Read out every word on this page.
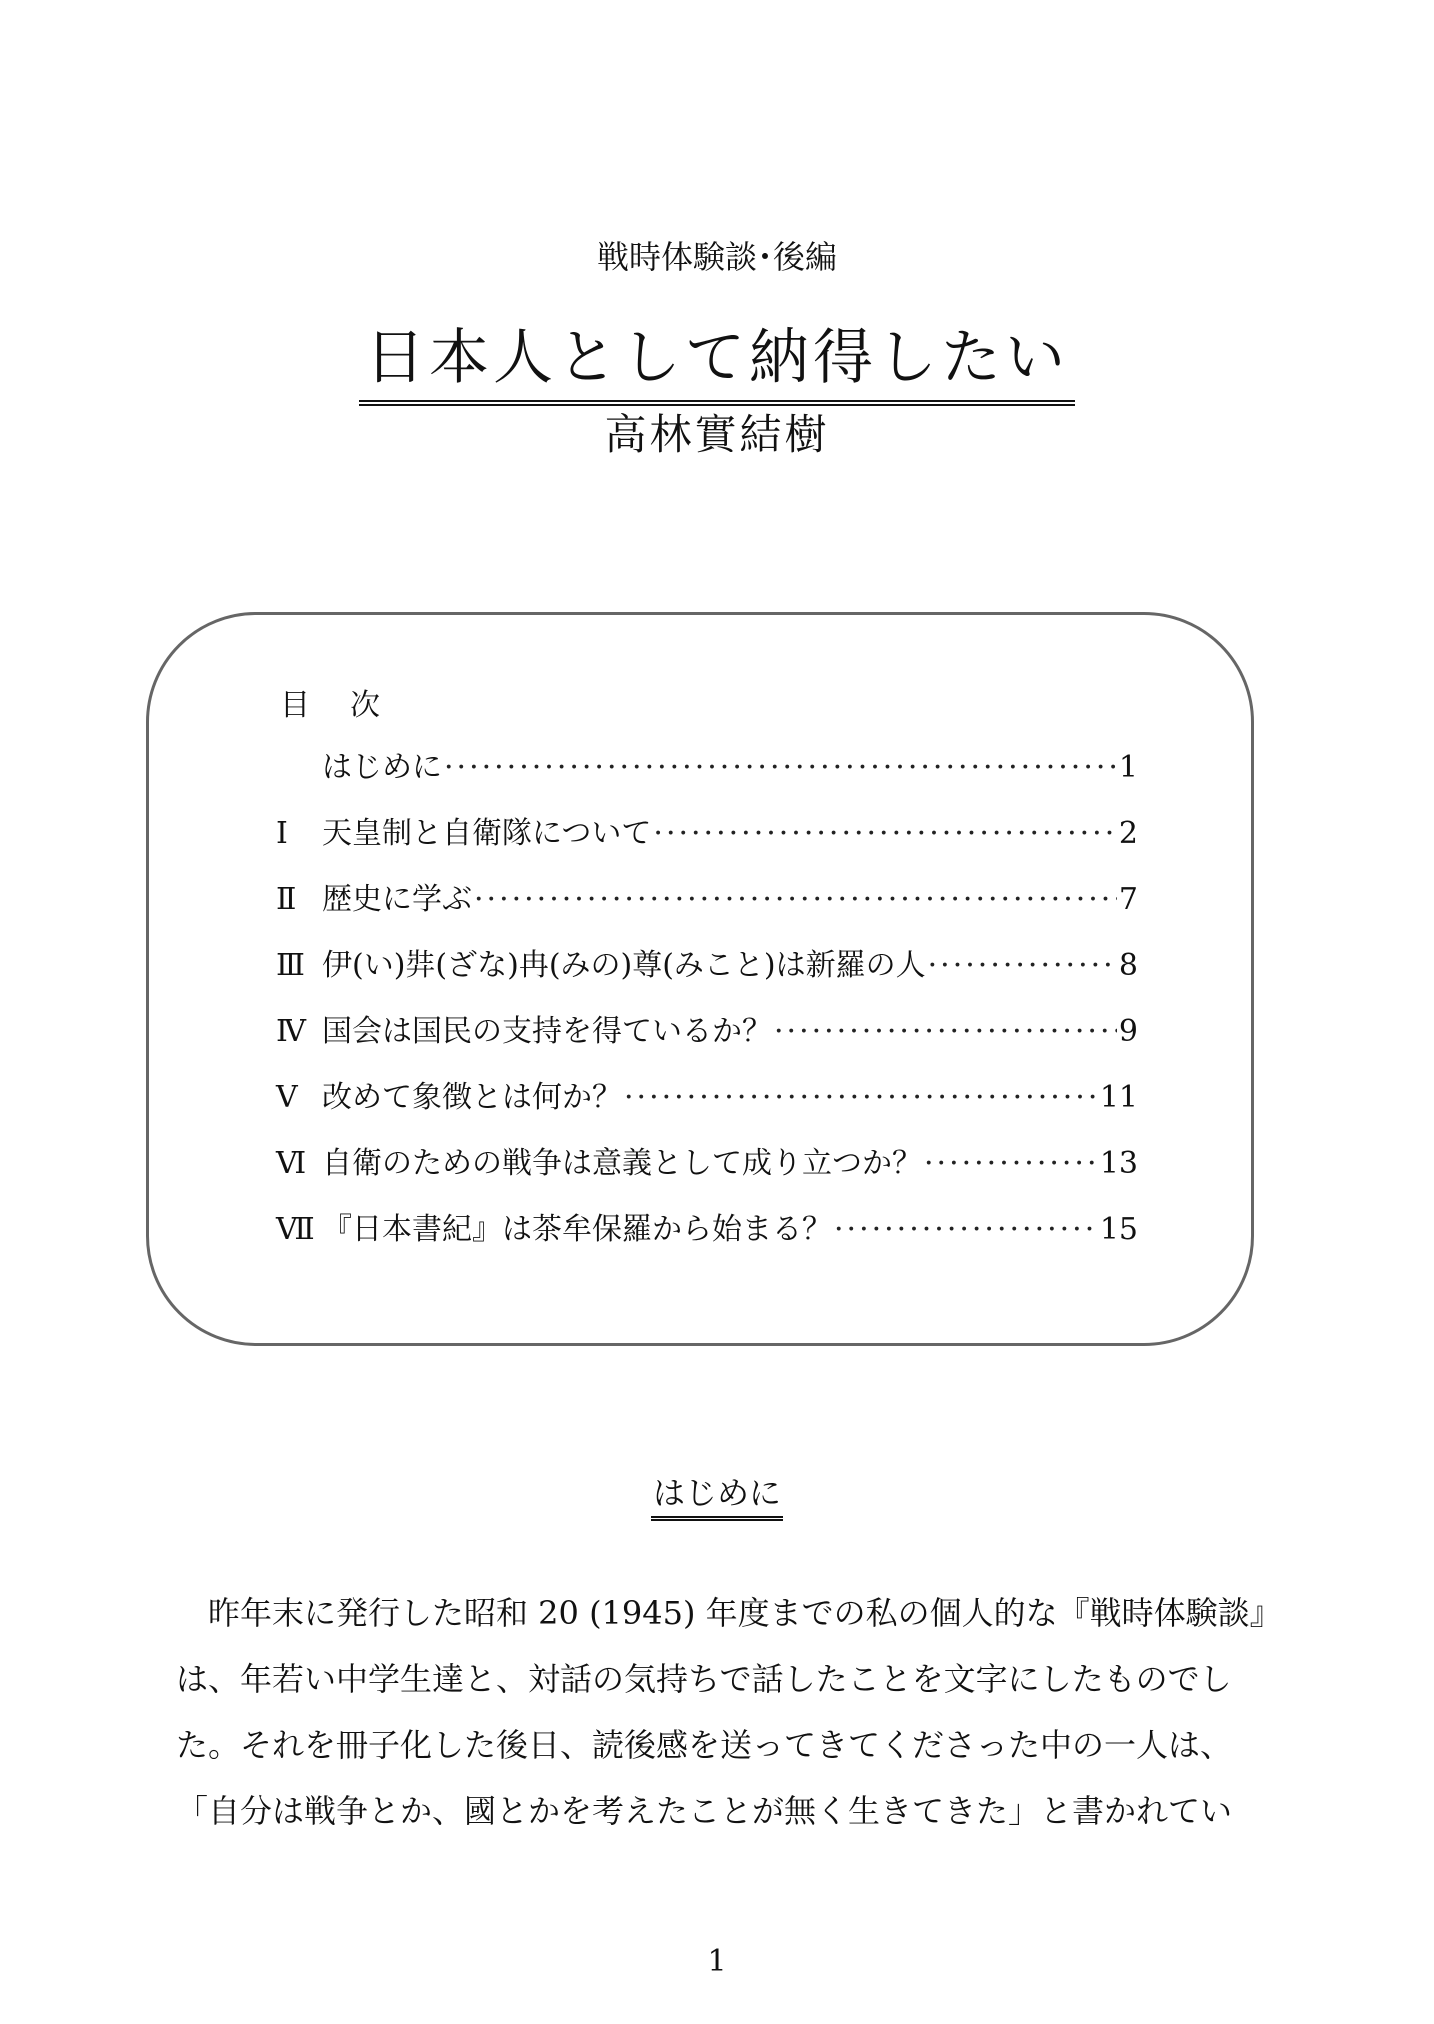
戦時体験談･後編
日本人として納得したい
高林實結樹
目次
はじめに ·····	1
Ⅰ	天皇制と自衛隊について ·····	2
Ⅱ 歴史に学ぶ ·····	7
Ⅲ 伊(い)弉(ざな)冉(みの)尊(みこと)は新羅の人 ·····	8
Ⅳ 国会は国民の支持を得ているか？ ·····	9
Ⅴ 改めて象徴とは何か？ ·····	11
Ⅵ 自衛のための戦争は意義として成り立つか？ ·····	13
Ⅶ 『日本書紀』は茶牟保羅から始まる？ ·····	15
はじめに
昨年末に発行した昭和 20 (1945) 年度までの私の個人的な『戦時体験談』
は、年若い中学生達と、対話の気持ちで話したことを文字にしたものでし
た。それを冊子化した後日、読後感を送ってきてくださった中の一人は、
「自分は戦争とか、國とかを考えたことが無く生きてきた」と書かれてい
1
